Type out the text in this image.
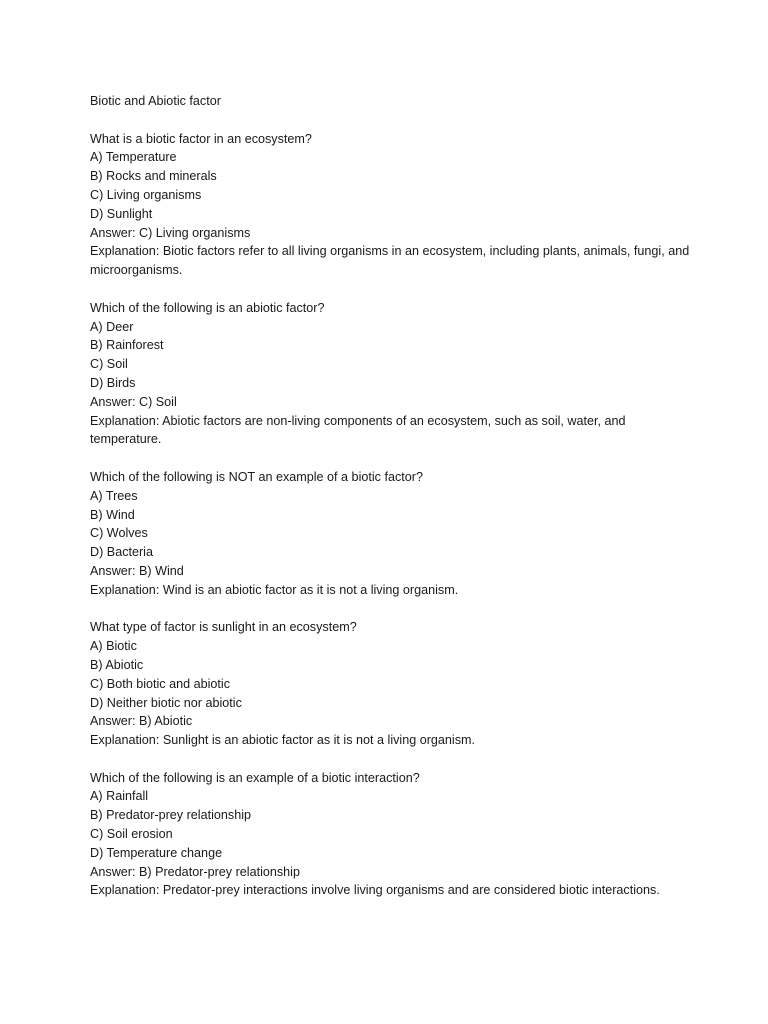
Biotic and Abiotic factor

What is a biotic factor in an ecosystem?
A) Temperature
B) Rocks and minerals
C) Living organisms
D) Sunlight
Answer: C) Living organisms
Explanation: Biotic factors refer to all living organisms in an ecosystem, including plants, animals, fungi, and microorganisms.
Which of the following is an abiotic factor?
A) Deer
B) Rainforest
C) Soil
D) Birds
Answer: C) Soil
Explanation: Abiotic factors are non-living components of an ecosystem, such as soil, water, and temperature.
Which of the following is NOT an example of a biotic factor?
A) Trees
B) Wind
C) Wolves
D) Bacteria
Answer: B) Wind
Explanation: Wind is an abiotic factor as it is not a living organism.
What type of factor is sunlight in an ecosystem?
A) Biotic
B) Abiotic
C) Both biotic and abiotic
D) Neither biotic nor abiotic
Answer: B) Abiotic
Explanation: Sunlight is an abiotic factor as it is not a living organism.
Which of the following is an example of a biotic interaction?
A) Rainfall
B) Predator-prey relationship
C) Soil erosion
D) Temperature change
Answer: B) Predator-prey relationship
Explanation: Predator-prey interactions involve living organisms and are considered biotic interactions.
